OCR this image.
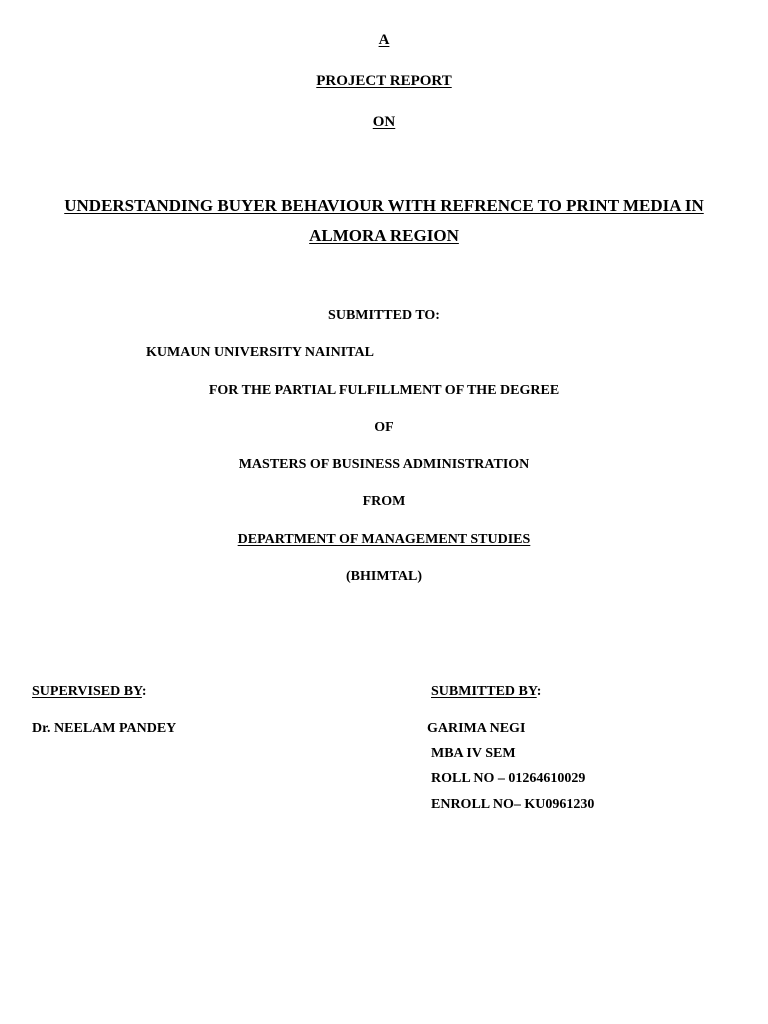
A
PROJECT REPORT
ON
UNDERSTANDING BUYER BEHAVIOUR WITH REFRENCE TO PRINT MEDIA IN
ALMORA REGION
SUBMITTED TO:
KUMAUN UNIVERSITY NAINITAL
FOR THE PARTIAL FULFILLMENT OF THE DEGREE
OF
MASTERS OF BUSINESS ADMINISTRATION
FROM
DEPARTMENT OF MANAGEMENT STUDIES
(BHIMTAL)
SUPERVISED BY:
Dr. NEELAM PANDEY
SUBMITTED BY:
GARIMA NEGI
MBA IV SEM
ROLL NO – 01264610029
ENROLL NO– KU0961230
